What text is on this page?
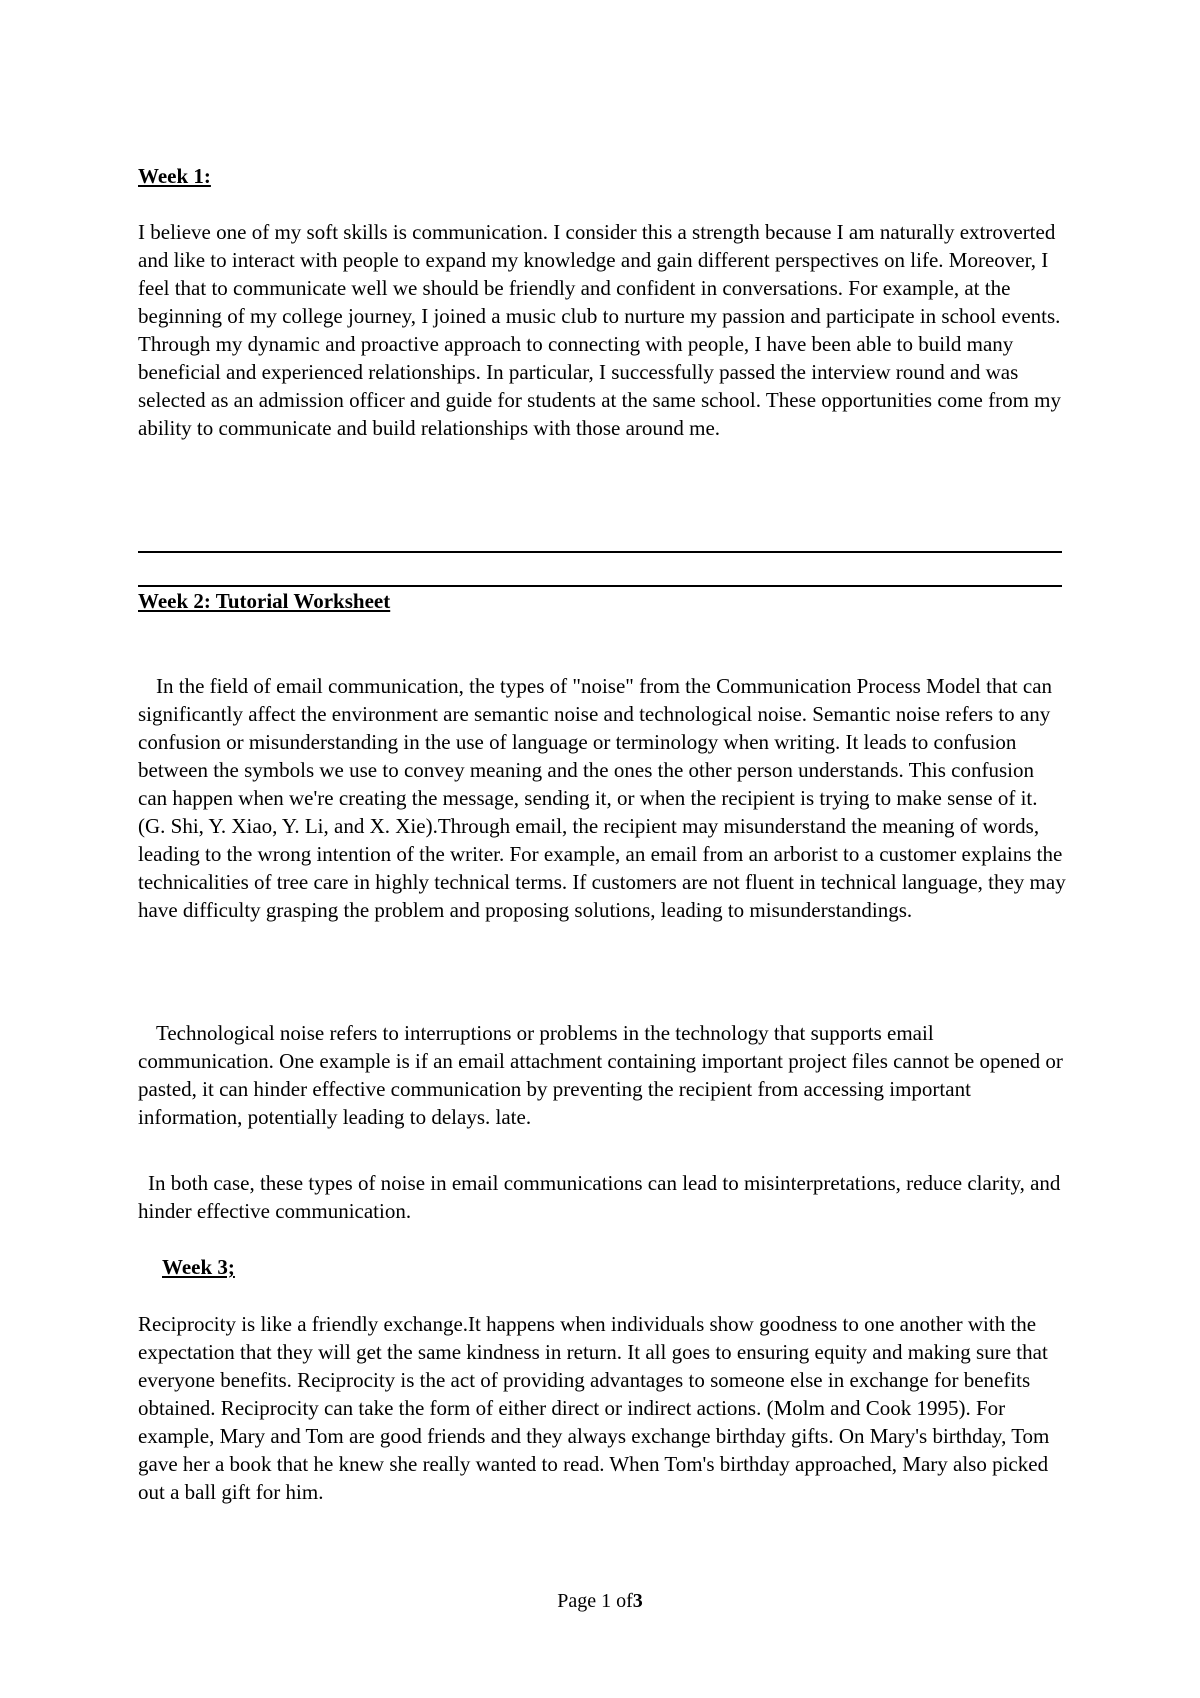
Week 1:

I believe one of my soft skills is communication. I consider this a strength because I am naturally extroverted and like to interact with people to expand my knowledge and gain different perspectives on life. Moreover, I feel that to communicate well we should be friendly and confident in conversations. For example, at the beginning of my college journey, I joined a music club to nurture my passion and participate in school events. Through my dynamic and proactive approach to connecting with people, I have been able to build many beneficial and experienced relationships. In particular, I successfully passed the interview round and was selected as an admission officer and guide for students at the same school. These opportunities come from my ability to communicate and build relationships with those around me.

Week 2: Tutorial Worksheet

In the field of email communication, the types of "noise" from the Communication Process Model that can significantly affect the environment are semantic noise and technological noise. Semantic noise refers to any confusion or misunderstanding in the use of language or terminology when writing. It leads to confusion between the symbols we use to convey meaning and the ones the other person understands. This confusion can happen when we're creating the message, sending it, or when the recipient is trying to make sense of it. (G. Shi, Y. Xiao, Y. Li, and X. Xie).Through email, the recipient may misunderstand the meaning of words, leading to the wrong intention of the writer. For example, an email from an arborist to a customer explains the technicalities of tree care in highly technical terms. If customers are not fluent in technical language, they may have difficulty grasping the problem and proposing solutions, leading to misunderstandings.

Technological noise refers to interruptions or problems in the technology that supports email communication. One example is if an email attachment containing important project files cannot be opened or pasted, it can hinder effective communication by preventing the recipient from accessing important information, potentially leading to delays. late.

In both case, these types of noise in email communications can lead to misinterpretations, reduce clarity, and hinder effective communication.

Week 3;

Reciprocity is like a friendly exchange.It happens when individuals show goodness to one another with the expectation that they will get the same kindness in return. It all goes to ensuring equity and making sure that everyone benefits. Reciprocity is the act of providing advantages to someone else in exchange for benefits obtained. Reciprocity can take the form of either direct or indirect actions. (Molm and Cook 1995). For example, Mary and Tom are good friends and they always exchange birthday gifts. On Mary's birthday, Tom gave her a book that he knew she really wanted to read. When Tom's birthday approached, Mary also picked out a ball gift for him.

Page 1 of3
